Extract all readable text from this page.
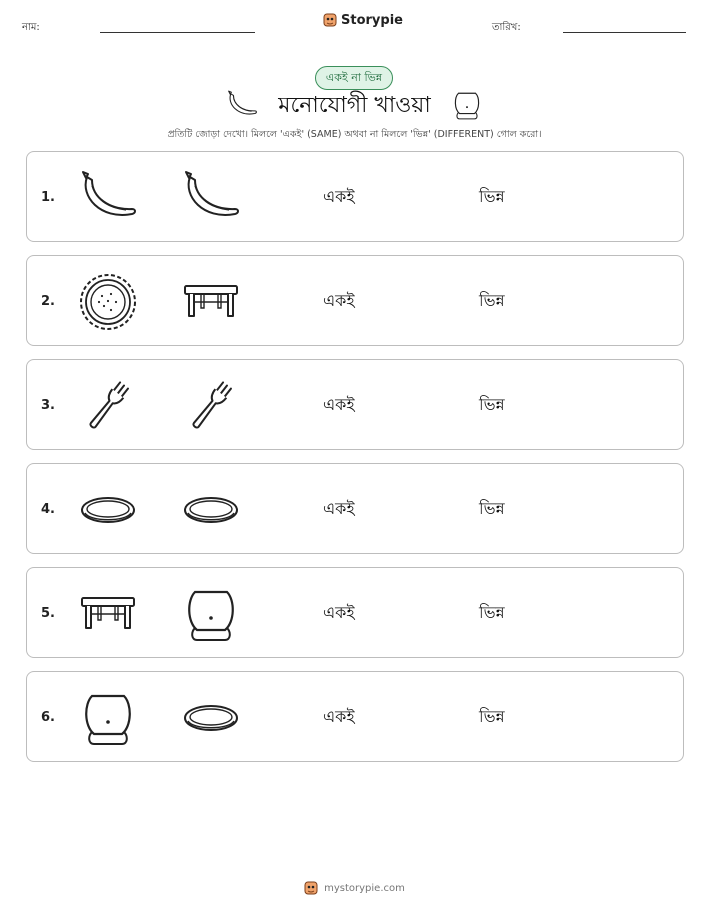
নাম:	Storypie	তারিখ:
একই না ভিন্ন
মনোযোগী খাওয়া
প্রতিটি জোড়া দেখো। মিললে 'একই' (SAME) অথবা না মিললে 'ভিন্ন' (DIFFERENT) গোল করো।
1.	একই	ভিন্ন
2.	একই	ভিন্ন
3.	একই	ভিন্ন
4.	একই	ভিন্ন
5.	একই	ভিন্ন
6.	একই	ভিন্ন
mystorypie.com
